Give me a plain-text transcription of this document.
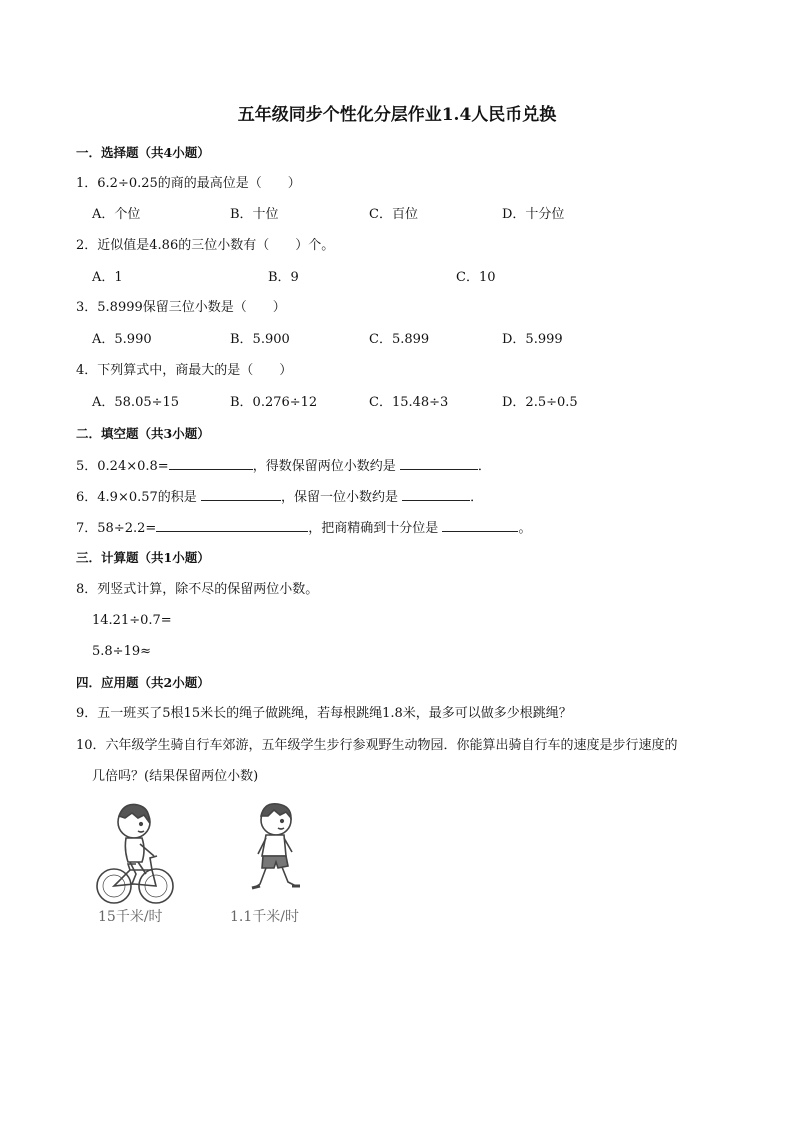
五年级同步个性化分层作业1.4人民币兑换
一．选择题（共4小题）
1．6.2÷0.25的商的最高位是（　　）
A．个位	B．十位	C．百位	D．十分位
2．近似值是4.86的三位小数有（　　）个。
A．1	B．9	C．10
3．5.8999保留三位小数是（　　）
A．5.990	B．5.900	C．5.899	D．5.999
4．下列算式中，商最大的是（　　）
A．58.05÷15	B．0.276÷12	C．15.48÷3	D．2.5÷0.5
二．填空题（共3小题）
5．0.24×0.8=	，得数保留两位小数约是	．
6．4.9×0.57的积是	，保留一位小数约是	．
7．58÷2.2=	，把商精确到十分位是	。
三．计算题（共1小题）
8．列竖式计算，除不尽的保留两位小数。
14.21÷0.7=
5.8÷19≈
四．应用题（共2小题）
9．五一班买了5根15米长的绳子做跳绳，若每根跳绳1.8米，最多可以做多少根跳绳？
10．六年级学生骑自行车郊游，五年级学生步行参观野生动物园．你能算出骑自行车的速度是步行速度的
几倍吗？(结果保留两位小数)
15千米/时	1.1千米/时
